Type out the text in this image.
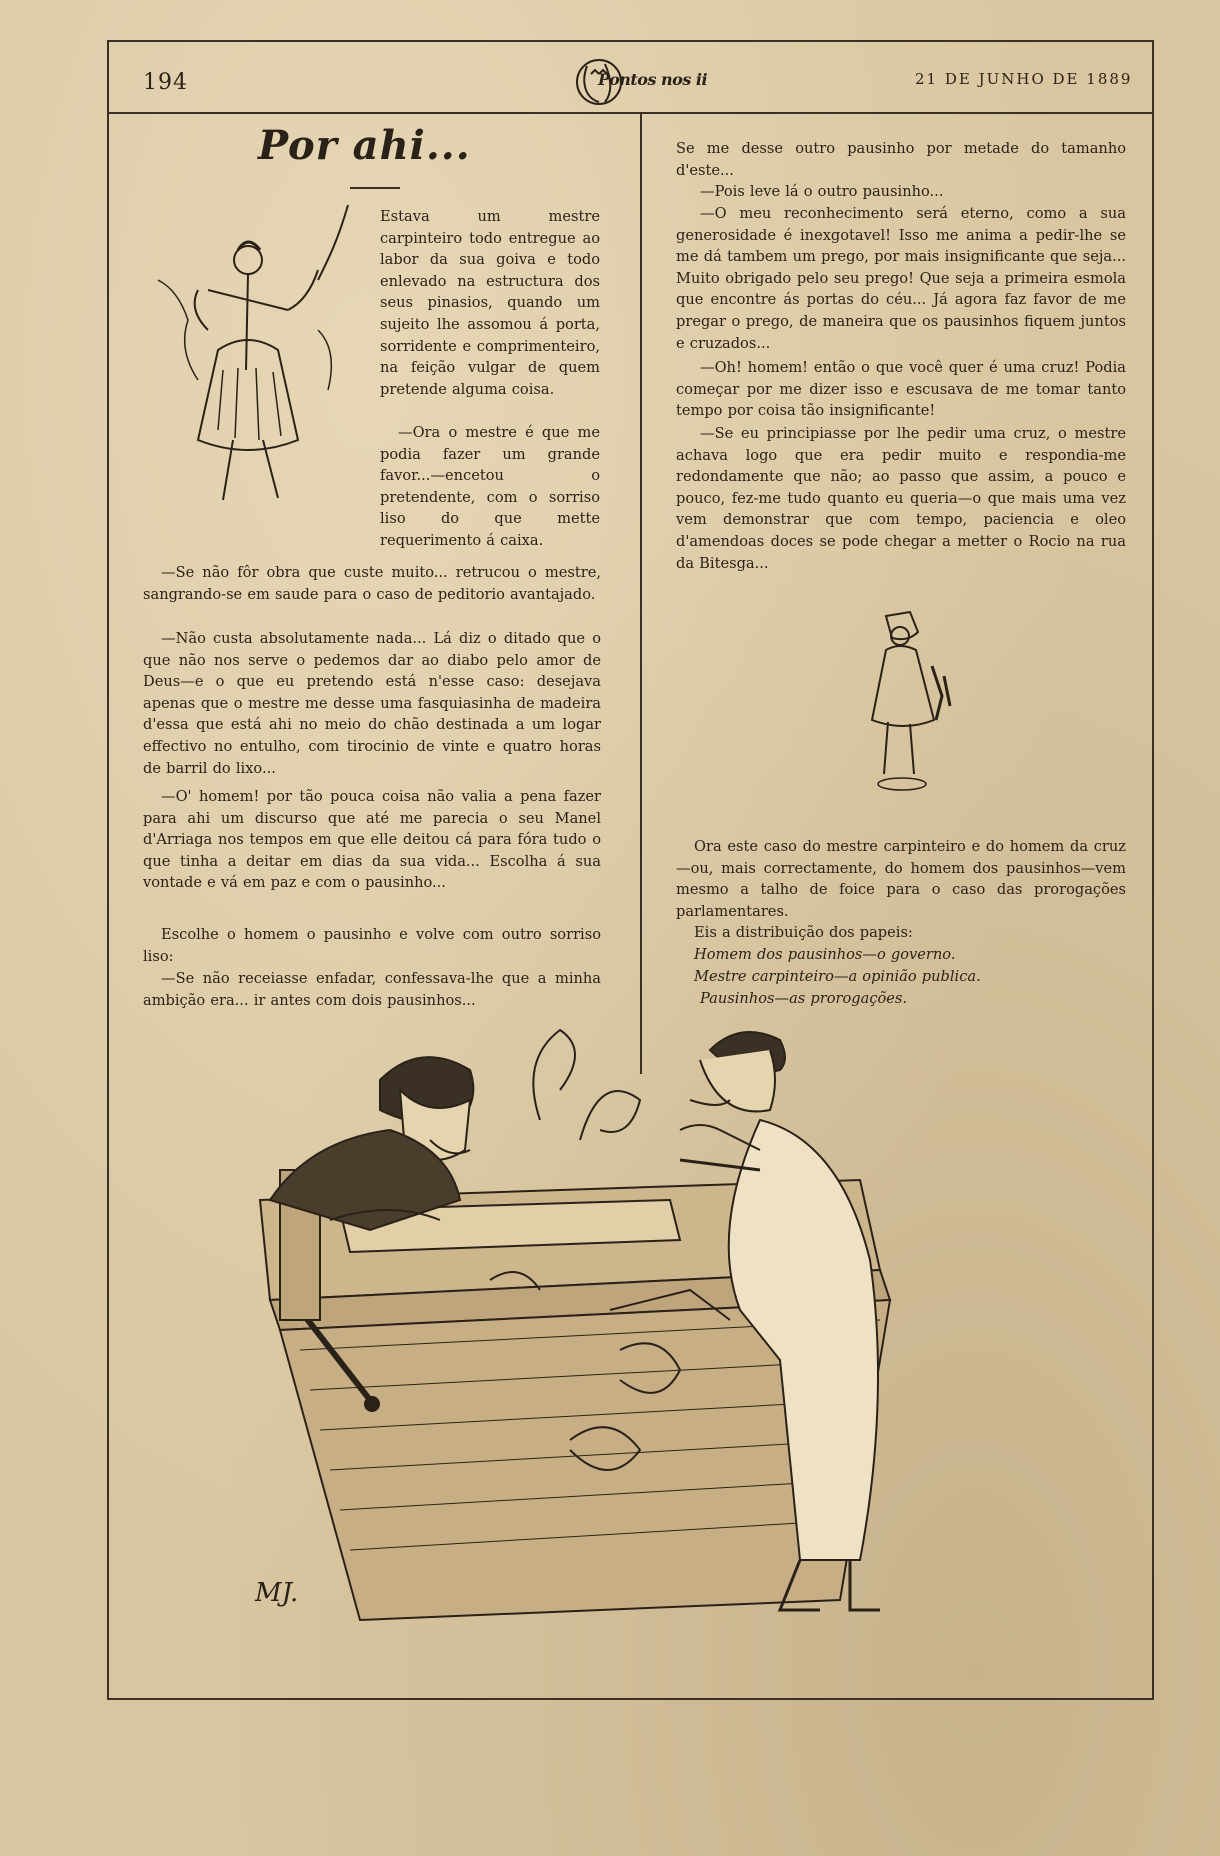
194	Pontos nos ii	21 DE JUNHO DE 1889
Por ahi...

Estava um mestre carpinteiro todo entregue ao labor da sua goiva e todo enlevado na estructura dos seus pinasios, quando um sujeito lhe assomou á porta, sorridente e comprimenteiro, na feição vulgar de quem pretende alguma coisa.

—Ora o mestre é que me podia fazer um grande favor...—encetou o pretendente, com o sorriso liso do que mette requerimento á caixa.

—Se não fôr obra que custe muito... retrucou o mestre, sangrando-se em saude para o caso de peditorio avantajado.

—Não custa absolutamente nada... Lá diz o ditado que o que não nos serve o pedemos dar ao diabo pelo amor de Deus—e o que eu pretendo está n'esse caso: desejava apenas que o mestre me desse uma fasquiasinha de madeira d'essa que está ahi no meio do chão destinada a um logar effectivo no entulho, com tirocinio de vinte e quatro horas de barril do lixo...

—O' homem! por tão pouca coisa não valia a pena fazer para ahi um discurso que até me parecia o seu Manel d'Arriaga nos tempos em que elle deitou cá para fóra tudo o que tinha a deitar em dias da sua vida... Escolha á sua vontade e vá em paz e com o pausinho...

Escolhe o homem o pausinho e volve com outro sorriso liso:

—Se não receiasse enfadar, confessava-lhe que a minha ambição era... ir antes com dois pausinhos...

Se me desse outro pausinho por metade do tamanho d'este...

—Pois leve lá o outro pausinho...

—O meu reconhecimento será eterno, como a sua generosidade é inexgotavel! Isso me anima a pedir-lhe se me dá tambem um prego, por mais insignificante que seja... Muito obrigado pelo seu prego! Que seja a primeira esmola que encontre ás portas do céu... Já agora faz favor de me pregar o prego, de maneira que os pausinhos fiquem juntos e cruzados...

—Oh! homem! então o que você quer é uma cruz! Podia começar por me dizer isso e escusava de me tomar tanto tempo por coisa tão insignificante!

—Se eu principiasse por lhe pedir uma cruz, o mestre achava logo que era pedir muito e respondia-me redondamente que não; ao passo que assim, a pouco e pouco, fez-me tudo quanto eu queria—o que mais uma vez vem demonstrar que com tempo, paciencia e oleo d'amendoas doces se pode chegar a metter o Rocio na rua da Bitesga...

Ora este caso do mestre carpinteiro e do homem da cruz—ou, mais correctamente, do homem dos pausinhos—vem mesmo a talho de foice para o caso das prorogações parlamentares.

Eis a distribuição dos papeis:

Homem dos pausinhos—o governo.

Mestre carpinteiro—a opinião publica.

Pausinhos—as prorogações.

MJ.
